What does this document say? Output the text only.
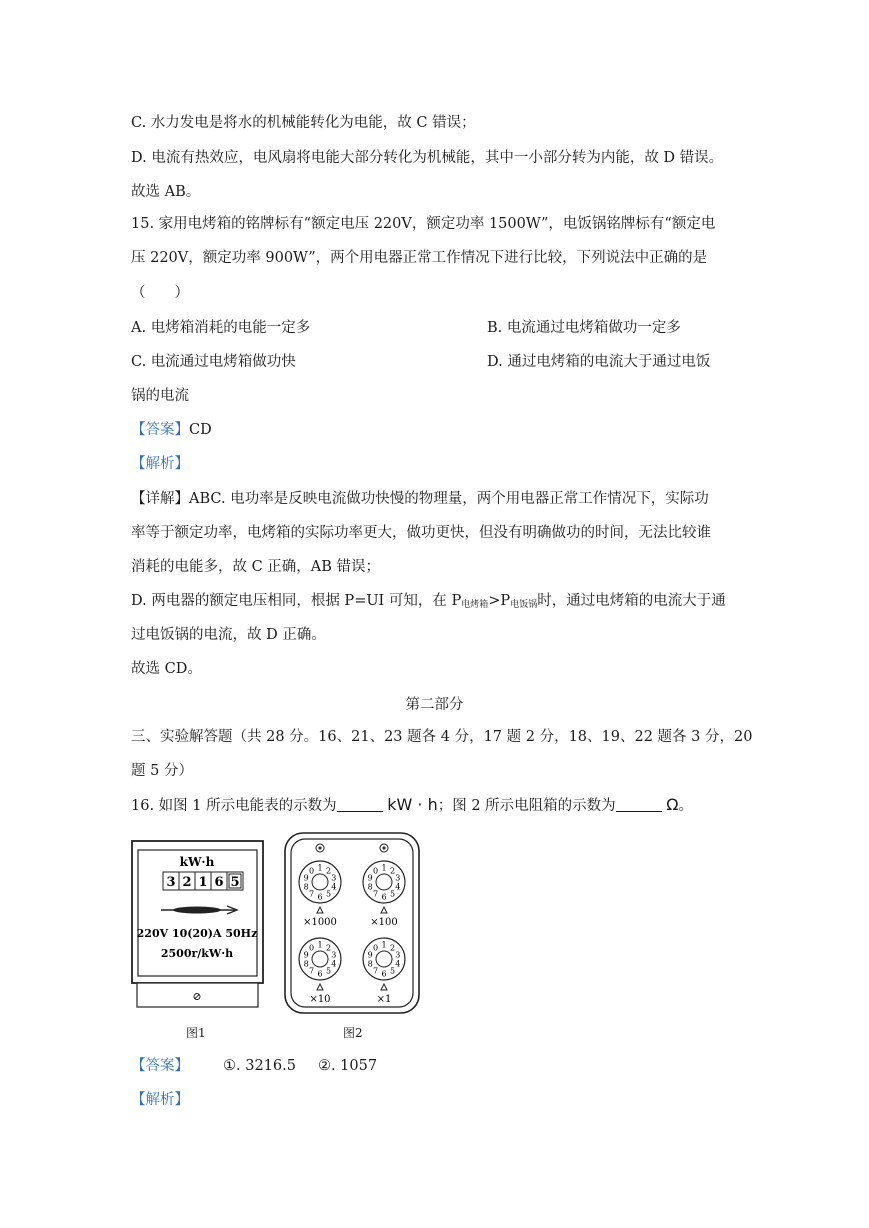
C. 水力发电是将水的机械能转化为电能，故 C 错误；
D. 电流有热效应，电风扇将电能大部分转化为机械能，其中一小部分转为内能，故 D 错误。
故选 AB。
15. 家用电烤箱的铭牌标有“额定电压 220V，额定功率 1500W”，电饭锅铭牌标有“额定电
压 220V，额定功率 900W”，两个用电器正常工作情况下进行比较，下列说法中正确的是
（　　）
A. 电烤箱消耗的电能一定多	B. 电流通过电烤箱做功一定多
C. 电流通过电烤箱做功快	D. 通过电烤箱的电流大于通过电饭
锅的电流
【答案】CD
【解析】
【详解】ABC. 电功率是反映电流做功快慢的物理量，两个用电器正常工作情况下，实际功
率等于额定功率，电烤箱的实际功率更大，做功更快，但没有明确做功的时间，无法比较谁
消耗的电能多，故 C 正确，AB 错误；
D. 两电器的额定电压相同，根据 P=UI 可知，在 $P_{电烤箱}>P_{电饭锅}$时，通过电烤箱的电流大于通
过电饭锅的电流，故 D 正确。
故选 CD。
第二部分
三、实验解答题（共 28 分。16、21、23 题各 4 分，17 题 2 分，18、19、22 题各 3 分，20
题 5 分）
16. 如图 1 所示电能表的示数为	kW · h；图 2 所示电阻箱的示数为	Ω。
kW·h
3 2 1 6 5
220V 10(20)A 50Hz
2500r/kW·h
⊘
图1
1 2
3
4
5
6
7
8
9
0
×1000
1 2
3
4
5
6
7
8
9
0
×100
1 2
3
4
5
6
7
8
9
0
×10
1 2
3
4
5
6
7
8
9
0
×1
图2
【答案】 ①. 3216.5 ②. 1057
【解析】
